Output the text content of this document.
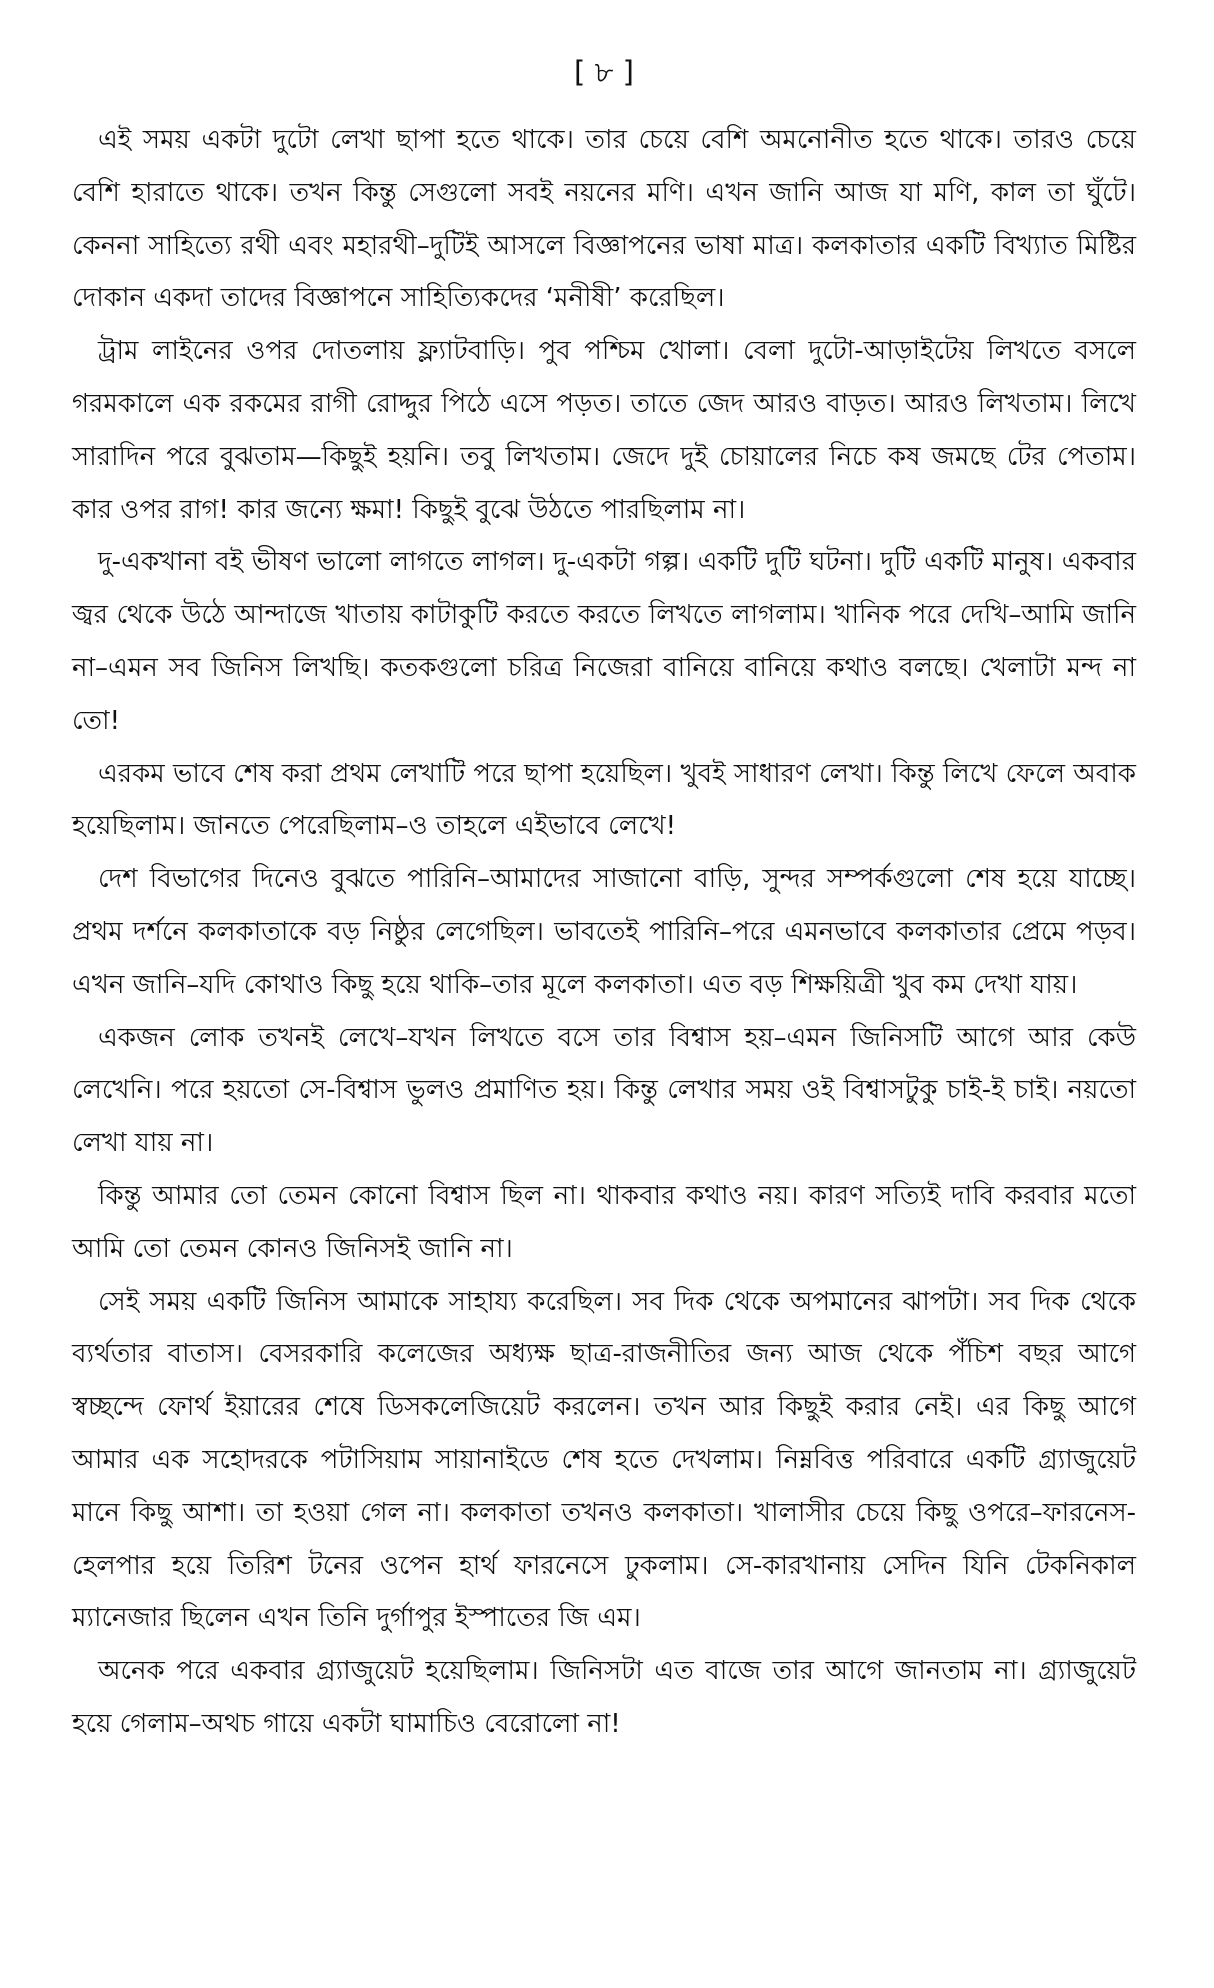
[ ৮ ]

এই সময় একটা দুটো লেখা ছাপা হতে থাকে। তার চেয়ে বেশি অমনোনীত হতে থাকে। তারও চেয়ে বেশি হারাতে থাকে। তখন কিন্তু সেগুলো সবই নয়নের মণি। এখন জানি আজ যা মণি, কাল তা ঘুঁটে। কেননা সাহিত্যে রথী এবং মহারথী–দুটিই আসলে বিজ্ঞাপনের ভাষা মাত্র। কলকাতার একটি বিখ্যাত মিষ্টির দোকান একদা তাদের বিজ্ঞাপনে সাহিত্যিকদের ‘মনীষী’ করেছিল।

ট্রাম লাইনের ওপর দোতলায় ফ্ল্যাটবাড়ি। পুব পশ্চিম খোলা। বেলা দুটো-আড়াইটেয় লিখতে বসলে গরমকালে এক রকমের রাগী রোদ্দুর পিঠে এসে পড়ত। তাতে জেদ আরও বাড়ত। আরও লিখতাম। লিখে সারাদিন পরে বুঝতাম—কিছুই হয়নি। তবু লিখতাম। জেদে দুই চোয়ালের নিচে কষ জমছে টের পেতাম। কার ওপর রাগ! কার জন্যে ক্ষমা! কিছুই বুঝে উঠতে পারছিলাম না।

দু-একখানা বই ভীষণ ভালো লাগতে লাগল। দু-একটা গল্প। একটি দুটি ঘটনা। দুটি একটি মানুষ। একবার জ্বর থেকে উঠে আন্দাজে খাতায় কাটাকুটি করতে করতে লিখতে লাগলাম। খানিক পরে দেখি–আমি জানি না–এমন সব জিনিস লিখছি। কতকগুলো চরিত্র নিজেরা বানিয়ে বানিয়ে কথাও বলছে। খেলাটা মন্দ না তো!

এরকম ভাবে শেষ করা প্রথম লেখাটি পরে ছাপা হয়েছিল। খুবই সাধারণ লেখা। কিন্তু লিখে ফেলে অবাক হয়েছিলাম। জানতে পেরেছিলাম–ও তাহলে এইভাবে লেখে!

দেশ বিভাগের দিনেও বুঝতে পারিনি–আমাদের সাজানো বাড়ি, সুন্দর সম্পর্কগুলো শেষ হয়ে যাচ্ছে। প্রথম দর্শনে কলকাতাকে বড় নিষ্ঠুর লেগেছিল। ভাবতেই পারিনি–পরে এমনভাবে কলকাতার প্রেমে পড়ব। এখন জানি–যদি কোথাও কিছু হয়ে থাকি–তার মূলে কলকাতা। এত বড় শিক্ষয়িত্রী খুব কম দেখা যায়।

একজন লোক তখনই লেখে–যখন লিখতে বসে তার বিশ্বাস হয়–এমন জিনিসটি আগে আর কেউ লেখেনি। পরে হয়তো সে-বিশ্বাস ভুলও প্রমাণিত হয়। কিন্তু লেখার সময় ওই বিশ্বাসটুকু চাই-ই চাই। নয়তো লেখা যায় না।

কিন্তু আমার তো তেমন কোনো বিশ্বাস ছিল না। থাকবার কথাও নয়। কারণ সত্যিই দাবি করবার মতো আমি তো তেমন কোনও জিনিসই জানি না।

সেই সময় একটি জিনিস আমাকে সাহায্য করেছিল। সব দিক থেকে অপমানের ঝাপটা। সব দিক থেকে ব্যর্থতার বাতাস। বেসরকারি কলেজের অধ্যক্ষ ছাত্র-রাজনীতির জন্য আজ থেকে পঁচিশ বছর আগে স্বচ্ছন্দে ফোর্থ ইয়ারের শেষে ডিসকলেজিয়েট করলেন। তখন আর কিছুই করার নেই। এর কিছু আগে আমার এক সহোদরকে পটাসিয়াম সায়ানাইডে শেষ হতে দেখলাম। নিম্নবিত্ত পরিবারে একটি গ্র্যাজুয়েট মানে কিছু আশা। তা হওয়া গেল না। কলকাতা তখনও কলকাতা। খালাসীর চেয়ে কিছু ওপরে–ফারনেস-হেলপার হয়ে তিরিশ টনের ওপেন হার্থ ফারনেসে ঢুকলাম। সে-কারখানায় সেদিন যিনি টেকনিকাল ম্যানেজার ছিলেন এখন তিনি দুর্গাপুর ইস্পাতের জি এম।

অনেক পরে একবার গ্র্যাজুয়েট হয়েছিলাম। জিনিসটা এত বাজে তার আগে জানতাম না। গ্র্যাজুয়েট হয়ে গেলাম–অথচ গায়ে একটা ঘামাচিও বেরোলো না!
